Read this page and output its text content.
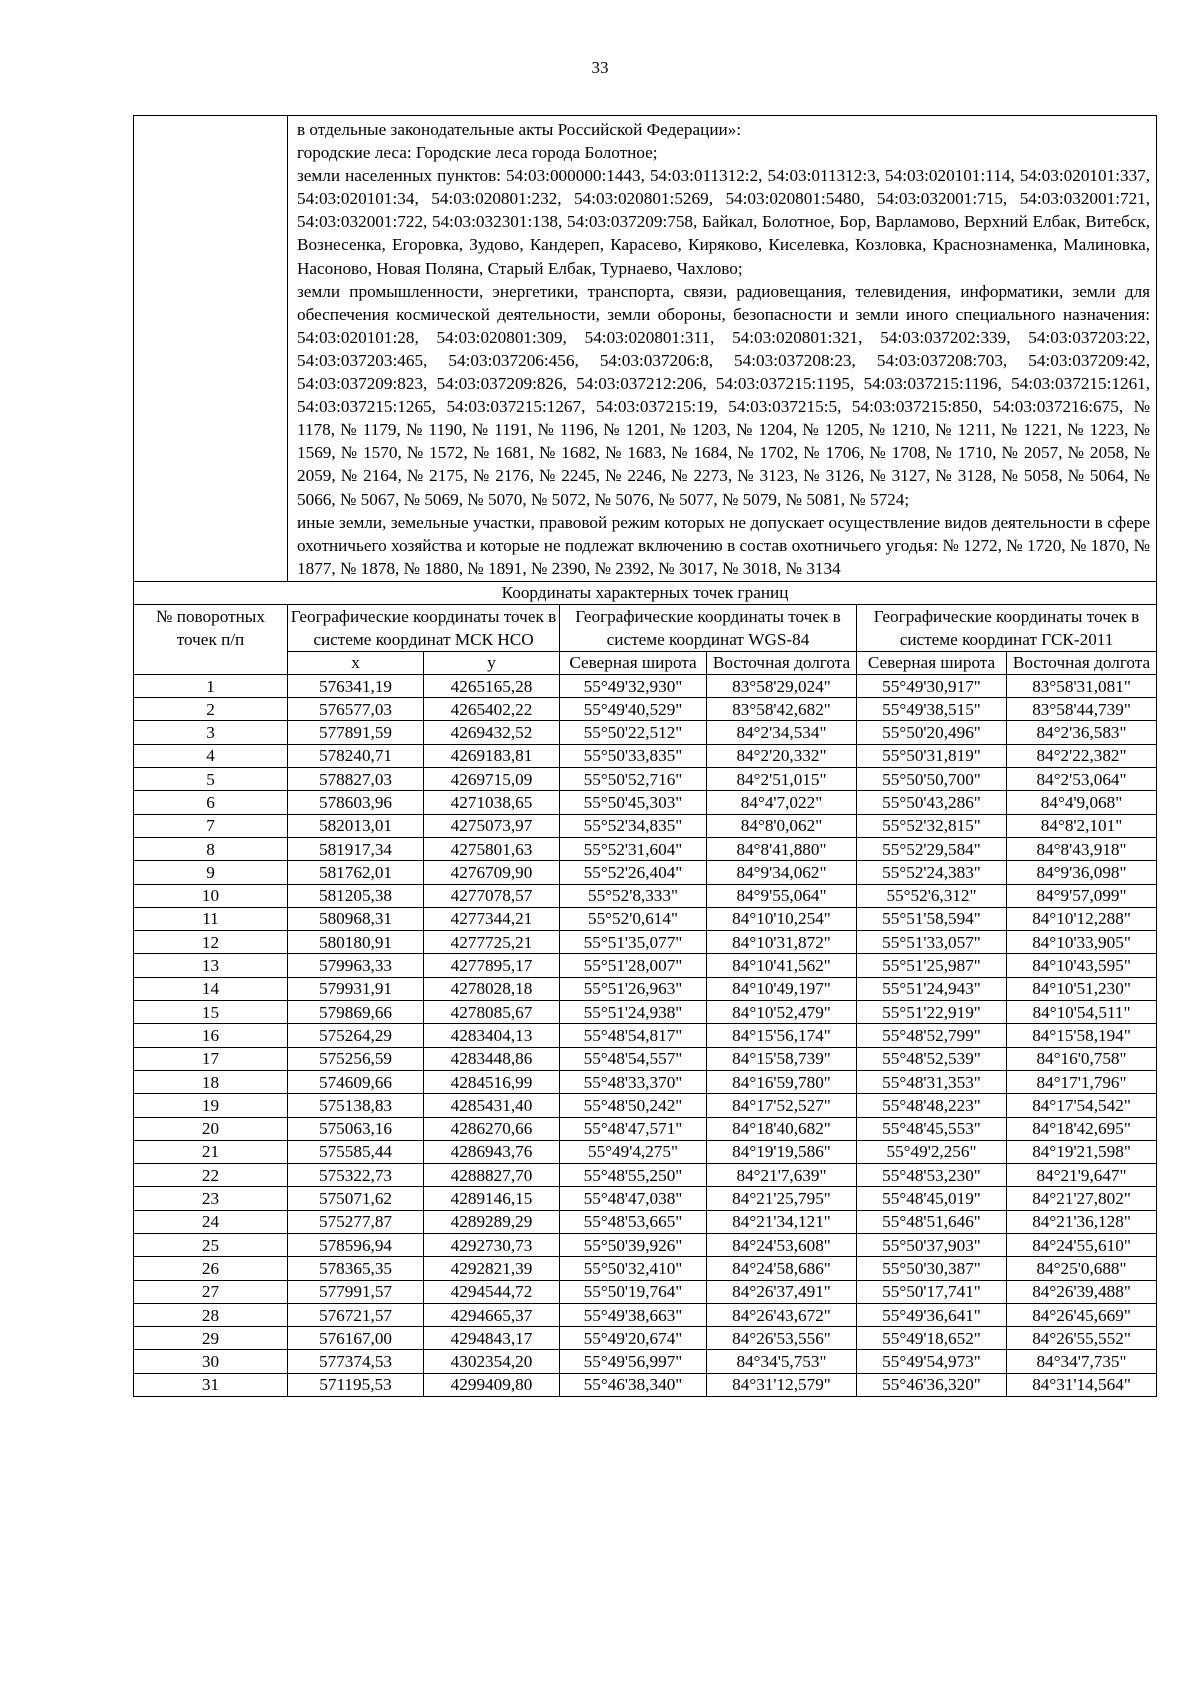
33

	в отдельные законодательные акты Российской Федерации»:

городские леса: Городские леса города Болотное;

земли населенных пунктов: 54:03:000000:1443, 54:03:011312:2, 54:03:011312:3, 54:03:020101:114, 54:03:020101:337, 54:03:020101:34, 54:03:020801:232, 54:03:020801:5269, 54:03:020801:5480, 54:03:032001:715, 54:03:032001:721, 54:03:032001:722, 54:03:032301:138, 54:03:037209:758, Байкал, Болотное, Бор, Варламово, Верхний Елбак, Витебск, Вознесенка, Егоровка, Зудово, Кандереп, Карасево, Киряково, Киселевка, Козловка, Краснознаменка, Малиновка, Насоново, Новая Поляна, Старый Елбак, Турнаево, Чахлово;

земли промышленности, энергетики, транспорта, связи, радиовещания, телевидения, информатики, земли для обеспечения космической деятельности, земли обороны, безопасности и земли иного специального назначения: 54:03:020101:28, 54:03:020801:309, 54:03:020801:311, 54:03:020801:321, 54:03:037202:339, 54:03:037203:22, 54:03:037203:465, 54:03:037206:456, 54:03:037206:8, 54:03:037208:23, 54:03:037208:703, 54:03:037209:42, 54:03:037209:823, 54:03:037209:826, 54:03:037212:206, 54:03:037215:1195, 54:03:037215:1196, 54:03:037215:1261, 54:03:037215:1265, 54:03:037215:1267, 54:03:037215:19, 54:03:037215:5, 54:03:037215:850, 54:03:037216:675, № 1178, № 1179, № 1190, № 1191, № 1196, № 1201, № 1203, № 1204, № 1205, № 1210, № 1211, № 1221, № 1223, № 1569, № 1570, № 1572, № 1681, № 1682, № 1683, № 1684, № 1702, № 1706, № 1708, № 1710, № 2057, № 2058, № 2059, № 2164, № 2175, № 2176, № 2245, № 2246, № 2273, № 3123, № 3126, № 3127, № 3128, № 5058, № 5064, № 5066, № 5067, № 5069, № 5070, № 5072, № 5076, № 5077, № 5079, № 5081, № 5724;

иные земли, земельные участки, правовой режим которых не допускает осуществление видов деятельности в сфере охотничьего хозяйства и которые не подлежат включению в состав охотничьего угодья: № 1272, № 1720, № 1870, № 1877, № 1878, № 1880, № 1891, № 2390, № 2392, № 3017, № 3018, № 3134					

Координаты характерных точек границ						
№ поворотных точек п/п	Географические координаты точек в системе координат МСК НСО		Географические координаты точек в системе координат WGS-84		Географические координаты точек в системе координат ГСК-2011	
	x	y	Северная широта	Восточная долгота	Северная широта	Восточная долгота
1	576341,19	4265165,28	55°49'32,930"	83°58'29,024"	55°49'30,917"	83°58'31,081"
2	576577,03	4265402,22	55°49'40,529"	83°58'42,682"	55°49'38,515"	83°58'44,739"
3	577891,59	4269432,52	55°50'22,512"	84°2'34,534"	55°50'20,496"	84°2'36,583"
4	578240,71	4269183,81	55°50'33,835"	84°2'20,332"	55°50'31,819"	84°2'22,382"
5	578827,03	4269715,09	55°50'52,716"	84°2'51,015"	55°50'50,700"	84°2'53,064"
6	578603,96	4271038,65	55°50'45,303"	84°4'7,022"	55°50'43,286"	84°4'9,068"
7	582013,01	4275073,97	55°52'34,835"	84°8'0,062"	55°52'32,815"	84°8'2,101"
8	581917,34	4275801,63	55°52'31,604"	84°8'41,880"	55°52'29,584"	84°8'43,918"
9	581762,01	4276709,90	55°52'26,404"	84°9'34,062"	55°52'24,383"	84°9'36,098"
10	581205,38	4277078,57	55°52'8,333"	84°9'55,064"	55°52'6,312"	84°9'57,099"
11	580968,31	4277344,21	55°52'0,614"	84°10'10,254"	55°51'58,594"	84°10'12,288"
12	580180,91	4277725,21	55°51'35,077"	84°10'31,872"	55°51'33,057"	84°10'33,905"
13	579963,33	4277895,17	55°51'28,007"	84°10'41,562"	55°51'25,987"	84°10'43,595"
14	579931,91	4278028,18	55°51'26,963"	84°10'49,197"	55°51'24,943"	84°10'51,230"
15	579869,66	4278085,67	55°51'24,938"	84°10'52,479"	55°51'22,919"	84°10'54,511"
16	575264,29	4283404,13	55°48'54,817"	84°15'56,174"	55°48'52,799"	84°15'58,194"
17	575256,59	4283448,86	55°48'54,557"	84°15'58,739"	55°48'52,539"	84°16'0,758"
18	574609,66	4284516,99	55°48'33,370"	84°16'59,780"	55°48'31,353"	84°17'1,796"
19	575138,83	4285431,40	55°48'50,242"	84°17'52,527"	55°48'48,223"	84°17'54,542"
20	575063,16	4286270,66	55°48'47,571"	84°18'40,682"	55°48'45,553"	84°18'42,695"
21	575585,44	4286943,76	55°49'4,275"	84°19'19,586"	55°49'2,256"	84°19'21,598"
22	575322,73	4288827,70	55°48'55,250"	84°21'7,639"	55°48'53,230"	84°21'9,647"
23	575071,62	4289146,15	55°48'47,038"	84°21'25,795"	55°48'45,019"	84°21'27,802"
24	575277,87	4289289,29	55°48'53,665"	84°21'34,121"	55°48'51,646"	84°21'36,128"
25	578596,94	4292730,73	55°50'39,926"	84°24'53,608"	55°50'37,903"	84°24'55,610"
26	578365,35	4292821,39	55°50'32,410"	84°24'58,686"	55°50'30,387"	84°25'0,688"
27	577991,57	4294544,72	55°50'19,764"	84°26'37,491"	55°50'17,741"	84°26'39,488"
28	576721,57	4294665,37	55°49'38,663"	84°26'43,672"	55°49'36,641"	84°26'45,669"
29	576167,00	4294843,17	55°49'20,674"	84°26'53,556"	55°49'18,652"	84°26'55,552"
30	577374,53	4302354,20	55°49'56,997"	84°34'5,753"	55°49'54,973"	84°34'7,735"
31	571195,53	4299409,80	55°46'38,340"	84°31'12,579"	55°46'36,320"	84°31'14,564"
